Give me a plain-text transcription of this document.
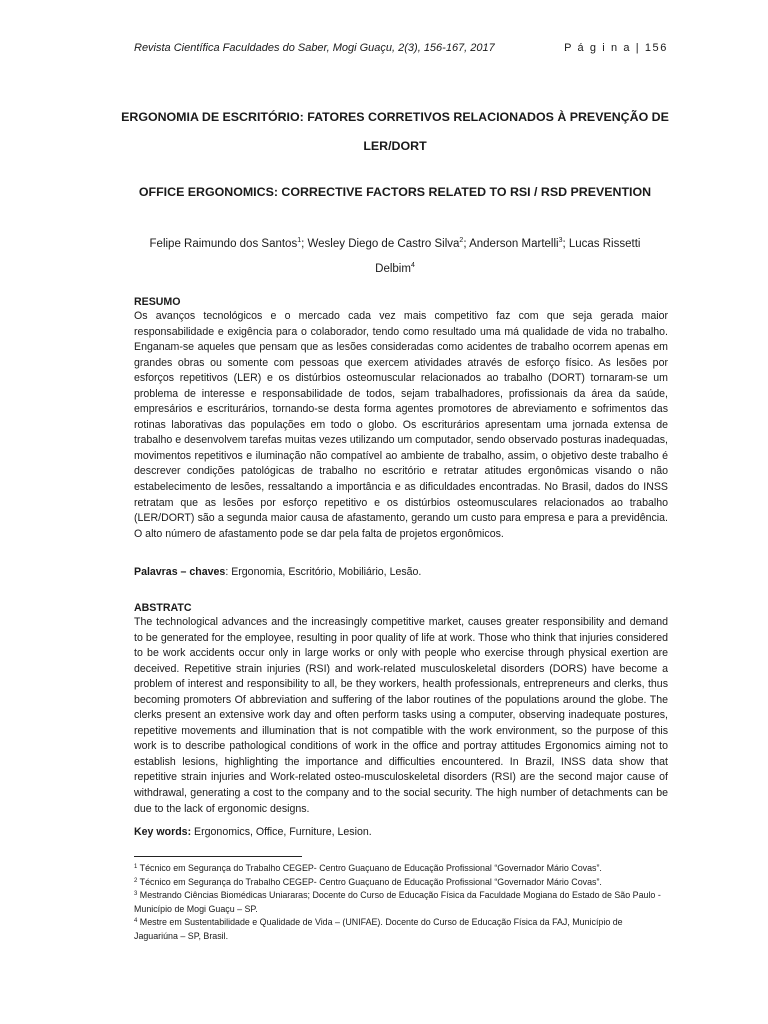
Revista Científica Faculdades do Saber, Mogi Guaçu, 2(3), 156-167, 2017	P á g i n a | 156
ERGONOMIA DE ESCRITÓRIO: FATORES CORRETIVOS RELACIONADOS À PREVENÇÃO DE LER/DORT
OFFICE ERGONOMICS: CORRECTIVE FACTORS RELATED TO RSI / RSD PREVENTION
Felipe Raimundo dos Santos$^1$; Wesley Diego de Castro Silva$^2$; Anderson Martelli$^3$; Lucas Rissetti Delbim$^4$
RESUMO

Os avanços tecnológicos e o mercado cada vez mais competitivo faz com que seja gerada maior responsabilidade e exigência para o colaborador, tendo como resultado uma má qualidade de vida no trabalho. Enganam-se aqueles que pensam que as lesões consideradas como acidentes de trabalho ocorrem apenas em grandes obras ou somente com pessoas que exercem atividades através de esforço físico. As lesões por esforços repetitivos (LER) e os distúrbios osteomuscular relacionados ao trabalho (DORT) tornaram-se um problema de interesse e responsabilidade de todos, sejam trabalhadores, profissionais da área da saúde, empresários e escriturários, tornando-se desta forma agentes promotores de abreviamento e sofrimentos das rotinas laborativas das populações em todo o globo. Os escriturários apresentam uma jornada extensa de trabalho e desenvolvem tarefas muitas vezes utilizando um computador, sendo observado posturas inadequadas, movimentos repetitivos e iluminação não compatível ao ambiente de trabalho, assim, o objetivo deste trabalho é descrever condições patológicas de trabalho no escritório e retratar atitudes ergonômicas visando o não estabelecimento de lesões, ressaltando a importância e as dificuldades encontradas. No Brasil, dados do INSS retratam que as lesões por esforço repetitivo e os distúrbios osteomusculares relacionados ao trabalho (LER/DORT) são a segunda maior causa de afastamento, gerando um custo para empresa e para a previdência. O alto número de afastamento pode se dar pela falta de projetos ergonômicos.

Palavras – chaves: Ergonomia, Escritório, Mobiliário, Lesão.
ABSTRATC

The technological advances and the increasingly competitive market, causes greater responsibility and demand to be generated for the employee, resulting in poor quality of life at work. Those who think that injuries considered to be work accidents occur only in large works or only with people who exercise through physical exertion are deceived. Repetitive strain injuries (RSI) and work-related musculoskeletal disorders (DORS) have become a problem of interest and responsibility to all, be they workers, health professionals, entrepreneurs and clerks, thus becoming promoters Of abbreviation and suffering of the labor routines of the populations around the globe. The clerks present an extensive work day and often perform tasks using a computer, observing inadequate postures, repetitive movements and illumination that is not compatible with the work environment, so the purpose of this work is to describe pathological conditions of work in the office and portray attitudes Ergonomics aiming not to establish lesions, highlighting the importance and difficulties encountered. In Brazil, INSS data show that repetitive strain injuries and Work-related osteo-musculoskeletal disorders (RSI) are the second major cause of withdrawal, generating a cost to the company and to the social security. The high number of detachments can be due to the lack of ergonomic designs.

Key words: Ergonomics, Office, Furniture, Lesion.
$^1$ Técnico em Segurança do Trabalho CEGEP- Centro Guaçuano de Educação Profissional “Governador Mário Covas”.
$^2$ Técnico em Segurança do Trabalho CEGEP- Centro Guaçuano de Educação Profissional “Governador Mário Covas”.
$^3$ Mestrando Ciências Biomédicas Uniararas; Docente do Curso de Educação Física da Faculdade Mogiana do Estado de São Paulo - Município de Mogi Guaçu – SP.
$^4$ Mestre em Sustentabilidade e Qualidade de Vida – (UNIFAE). Docente do Curso de Educação Física da FAJ, Município de Jaguariúna – SP, Brasil.
